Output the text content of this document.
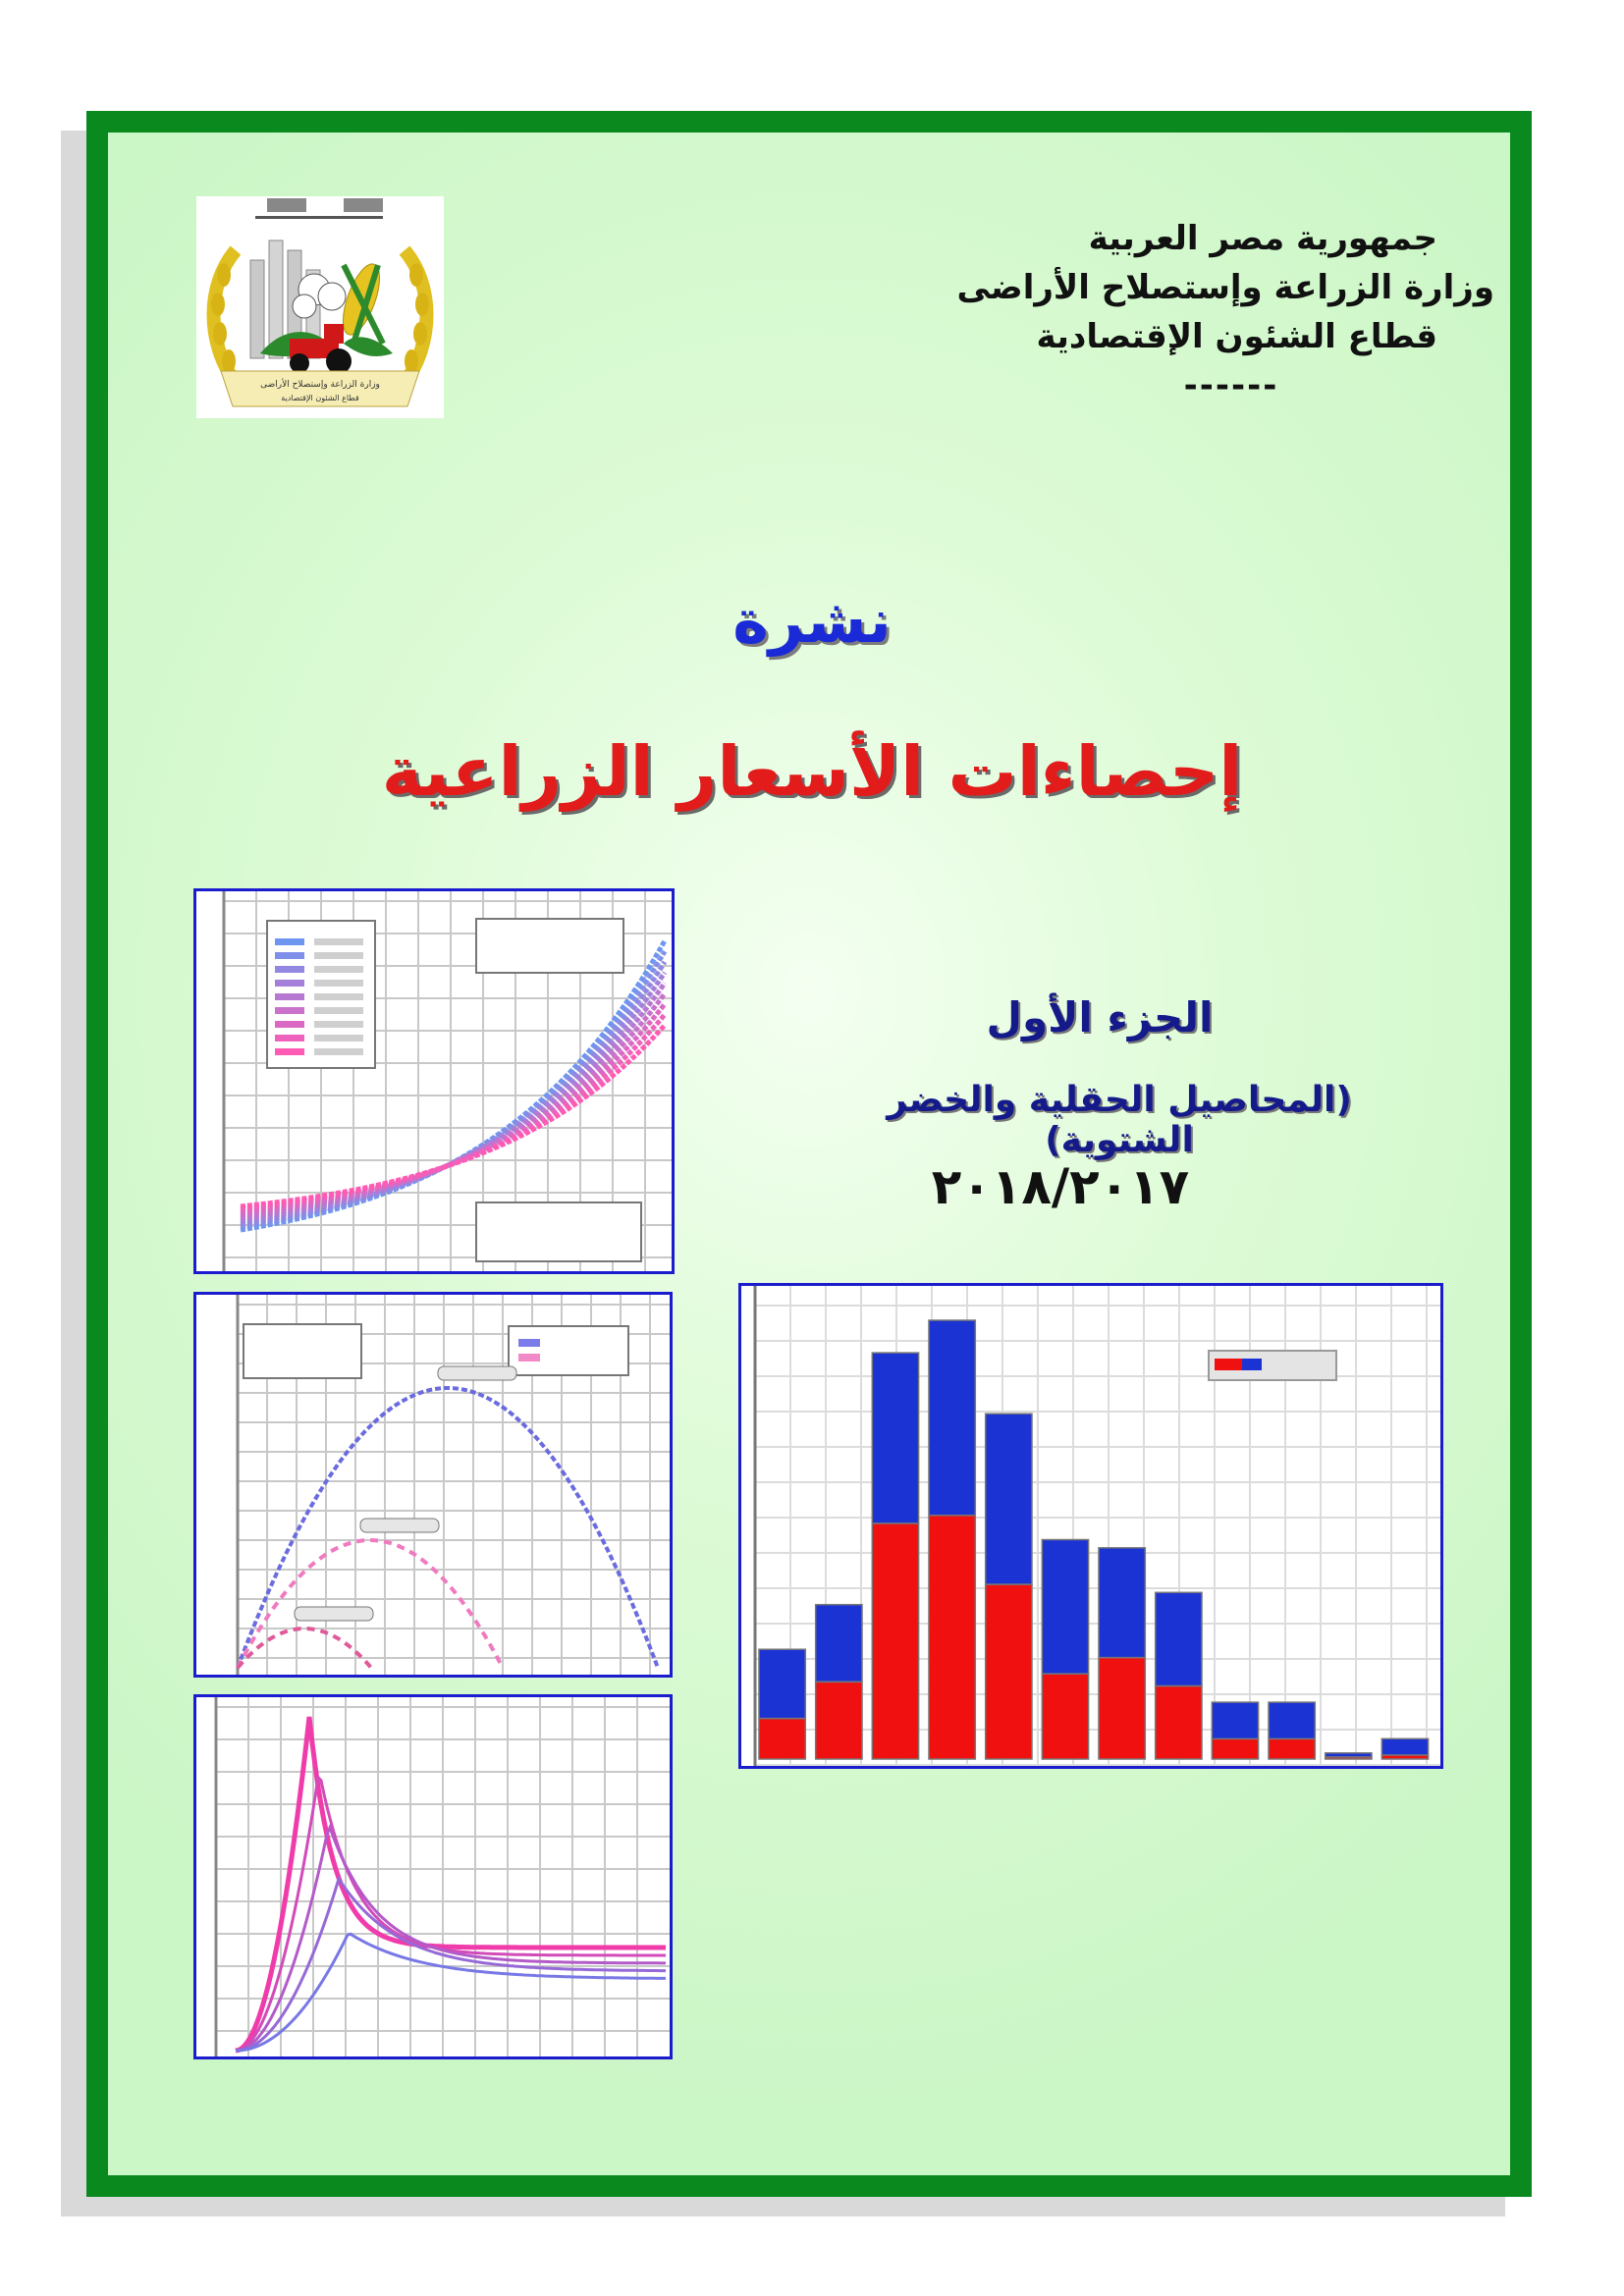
وزارة الزراعة وإستصلاح الأراضى
قطاع الشئون الإقتصادية
جمهورية مصر العربية
وزارة الزراعة وإستصلاح الأراضى
قطاع الشئون الإقتصادية
------
نشرة
إحصاءات الأسعار الزراعية
الجزء الأول
(المحاصيل الحقلية والخضر الشتوية)
٢٠١٨/٢٠١٧
